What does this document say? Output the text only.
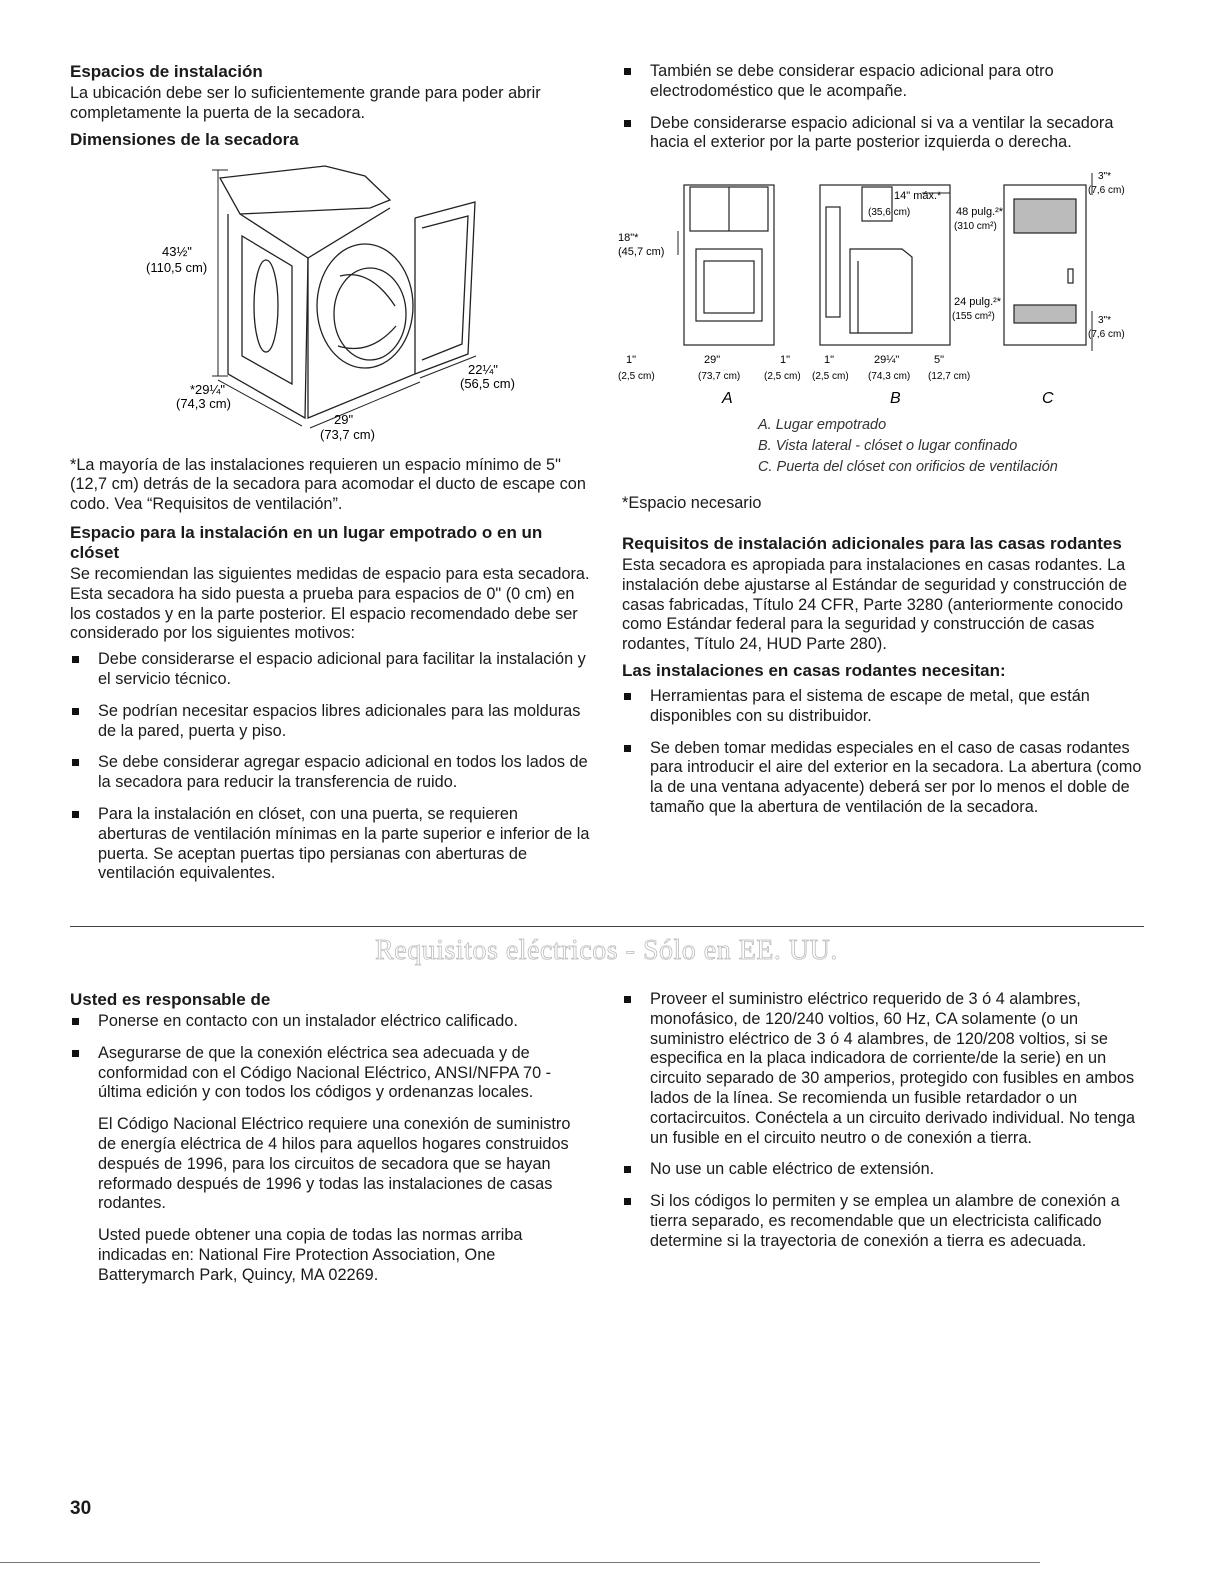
Espacios de instalación

La ubicación debe ser lo suficientemente grande para poder abrir completamente la puerta de la secadora.

Dimensiones de la secadora
43½"
(110,5 cm)
*29¼"
(74,3 cm)
22¼"
(56,5 cm)
29"
(73,7 cm)

*La mayoría de las instalaciones requieren un espacio mínimo de 5" (12,7 cm) detrás de la secadora para acomodar el ducto de escape con codo. Vea “Requisitos de ventilación”.

Espacio para la instalación en un lugar empotrado o en un clóset

Se recomiendan las siguientes medidas de espacio para esta secadora. Esta secadora ha sido puesta a prueba para espacios de 0" (0 cm) en los costados y en la parte posterior. El espacio recomendado debe ser considerado por los siguientes motivos:

Debe considerarse el espacio adicional para facilitar la instalación y el servicio técnico.
Se podrían necesitar espacios libres adicionales para las molduras de la pared, puerta y piso.
Se debe considerar agregar espacio adicional en todos los lados de la secadora para reducir la transferencia de ruido.
Para la instalación en clóset, con una puerta, se requieren aberturas de ventilación mínimas en la parte superior e inferior de la puerta. Se aceptan puertas tipo persianas con aberturas de ventilación equivalentes.
También se debe considerar espacio adicional para otro electrodoméstico que le acompañe.
Debe considerarse espacio adicional si va a ventilar la secadora hacia el exterior por la parte posterior izquierda o derecha.
18"*
(45,7 cm)
1"	29"	1"
(2,5 cm)	(73,7 cm) (2,5 cm)
14" máx.*
(35,6 cm)
1"	29¼"	5"
(2,5 cm) (74,3 cm) (12,7 cm)
48 pulg.²*
(310 cm²)
24 pulg.²*
(155 cm²)
3"*
(7,6 cm)
3"*
(7,6 cm)
A	B	C

A. Lugar empotrado

B. Vista lateral - clóset o lugar confinado

C. Puerta del clóset con orificios de ventilación

*Espacio necesario

Requisitos de instalación adicionales para las casas rodantes

Esta secadora es apropiada para instalaciones en casas rodantes. La instalación debe ajustarse al Estándar de seguridad y construcción de casas fabricadas, Título 24 CFR, Parte 3280 (anteriormente conocido como Estándar federal para la seguridad y construcción de casas rodantes, Título 24, HUD Parte 280).

Las instalaciones en casas rodantes necesitan:
Herramientas para el sistema de escape de metal, que están disponibles con su distribuidor.
Se deben tomar medidas especiales en el caso de casas rodantes para introducir el aire del exterior en la secadora. La abertura (como la de una ventana adyacente) deberá ser por lo menos el doble de tamaño que la abertura de ventilación de la secadora.
Requisitos eléctricos - Sólo en EE. UU.
Usted es responsable de
Ponerse en contacto con un instalador eléctrico calificado.
Asegurarse de que la conexión eléctrica sea adecuada y de conformidad con el Código Nacional Eléctrico, ANSI/NFPA 70 - última edición y con todos los códigos y ordenanzas locales.

El Código Nacional Eléctrico requiere una conexión de suministro de energía eléctrica de 4 hilos para aquellos hogares construidos después de 1996, para los circuitos de secadora que se hayan reformado después de 1996 y todas las instalaciones de casas rodantes.

Usted puede obtener una copia de todas las normas arriba indicadas en: National Fire Protection Association, One Batterymarch Park, Quincy, MA 02269.

Proveer el suministro eléctrico requerido de 3 ó 4 alambres, monofásico, de 120/240 voltios, 60 Hz, CA solamente (o un suministro eléctrico de 3 ó 4 alambres, de 120/208 voltios, si se especifica en la placa indicadora de corriente/de la serie) en un circuito separado de 30 amperios, protegido con fusibles en ambos lados de la línea. Se recomienda un fusible retardador o un cortacircuitos. Conéctela a un circuito derivado individual. No tenga un fusible en el circuito neutro o de conexión a tierra.
No use un cable eléctrico de extensión.
Si los códigos lo permiten y se emplea un alambre de conexión a tierra separado, es recomendable que un electricista calificado determine si la trayectoria de conexión a tierra es adecuada.
30
